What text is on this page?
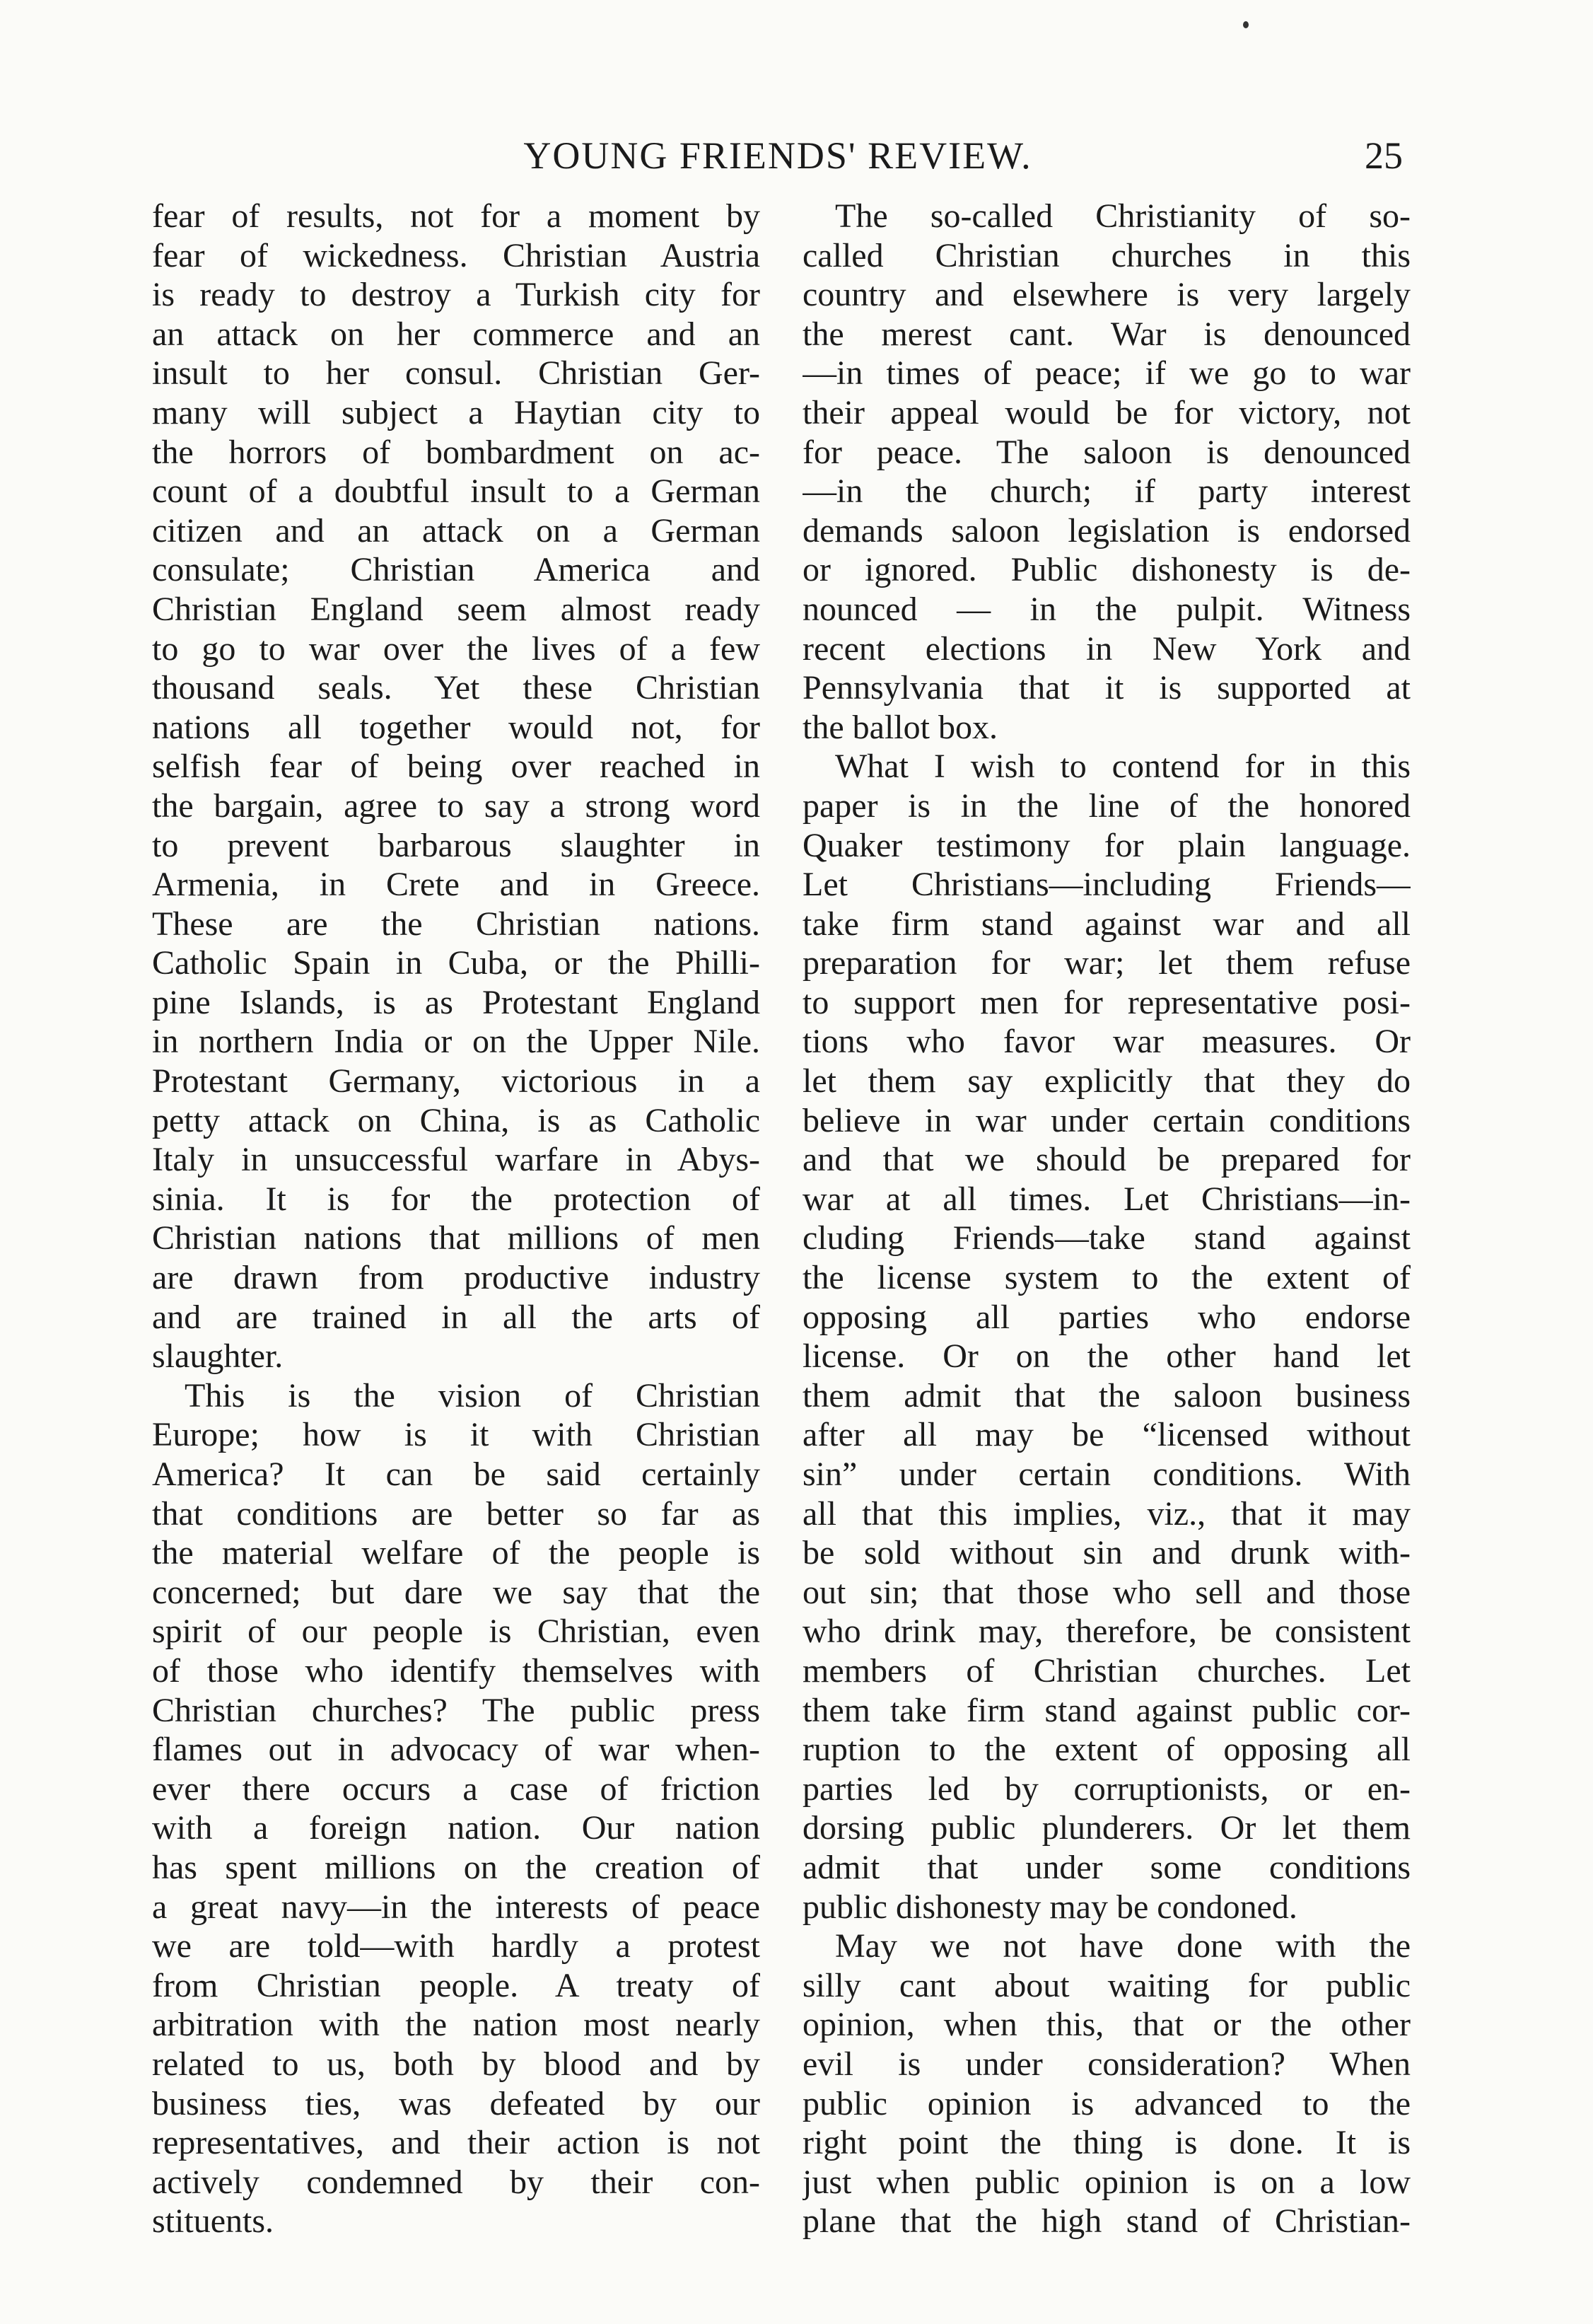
YOUNG FRIENDS' REVIEW.	25
fear of results, not for a moment by
fear of wickedness. Christian Austria
is ready to destroy a Turkish city for
an attack on her commerce and an
insult to her consul. Christian Ger-
many will subject a Haytian city to
the horrors of bombardment on ac-
count of a doubtful insult to a German
citizen and an attack on a German
consulate; Christian America and
Christian England seem almost ready
to go to war over the lives of a few
thousand seals. Yet these Christian
nations all together would not, for
selfish fear of being over reached in
the bargain, agree to say a strong word
to prevent barbarous slaughter in
Armenia, in Crete and in Greece.
These are the Christian nations.
Catholic Spain in Cuba, or the Philli-
pine Islands, is as Protestant England
in northern India or on the Upper Nile.
Protestant Germany, victorious in a
petty attack on China, is as Catholic
Italy in unsuccessful warfare in Abys-
sinia. It is for the protection of
Christian nations that millions of men
are drawn from productive industry
and are trained in all the arts of
slaughter.
This is the vision of Christian
Europe; how is it with Christian
America? It can be said certainly
that conditions are better so far as
the material welfare of the people is
concerned; but dare we say that the
spirit of our people is Christian, even
of those who identify themselves with
Christian churches? The public press
flames out in advocacy of war when-
ever there occurs a case of friction
with a foreign nation. Our nation
has spent millions on the creation of
a great navy—in the interests of peace
we are told—with hardly a protest
from Christian people. A treaty of
arbitration with the nation most nearly
related to us, both by blood and by
business ties, was defeated by our
representatives, and their action is not
actively condemned by their con-
stituents.
The so-called Christianity of so-
called Christian churches in this
country and elsewhere is very largely
the merest cant. War is denounced
—in times of peace; if we go to war
their appeal would be for victory, not
for peace. The saloon is denounced
—in the church; if party interest
demands saloon legislation is endorsed
or ignored. Public dishonesty is de-
nounced — in the pulpit. Witness
recent elections in New York and
Pennsylvania that it is supported at
the ballot box.
What I wish to contend for in this
paper is in the line of the honored
Quaker testimony for plain language.
Let Christians—including Friends—
take firm stand against war and all
preparation for war; let them refuse
to support men for representative posi-
tions who favor war measures. Or
let them say explicitly that they do
believe in war under certain conditions
and that we should be prepared for
war at all times. Let Christians—in-
cluding Friends—take stand against
the license system to the extent of
opposing all parties who endorse
license. Or on the other hand let
them admit that the saloon business
after all may be “licensed without
sin” under certain conditions. With
all that this implies, viz., that it may
be sold without sin and drunk with-
out sin; that those who sell and those
who drink may, therefore, be consistent
members of Christian churches. Let
them take firm stand against public cor-
ruption to the extent of opposing all
parties led by corruptionists, or en-
dorsing public plunderers. Or let them
admit that under some conditions
public dishonesty may be condoned.
May we not have done with the
silly cant about waiting for public
opinion, when this, that or the other
evil is under consideration? When
public opinion is advanced to the
right point the thing is done. It is
just when public opinion is on a low
plane that the high stand of Christian-
